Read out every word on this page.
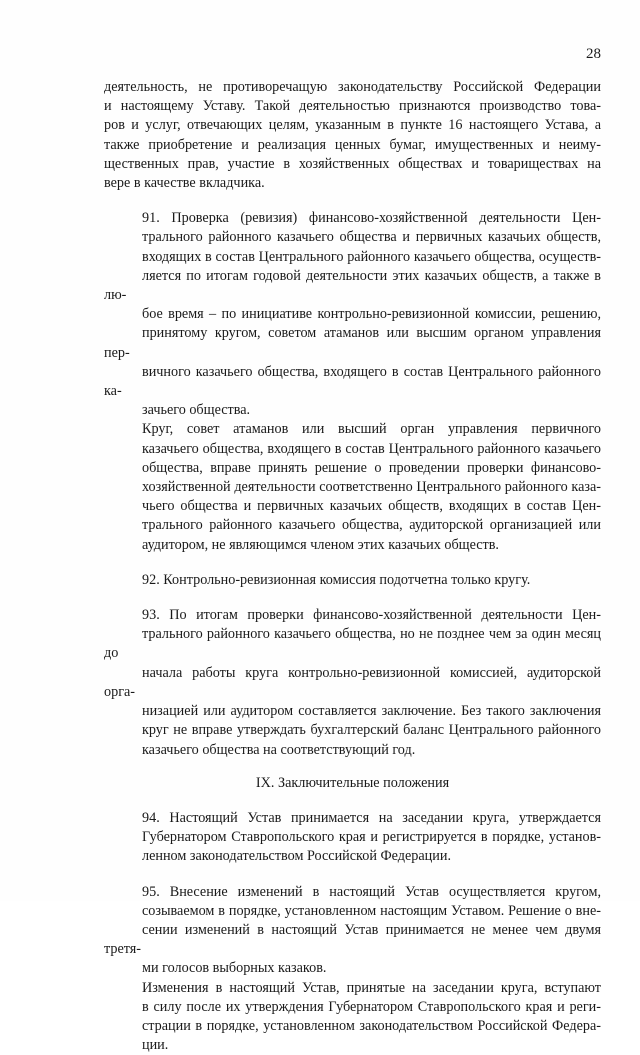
28

деятельность, не противоречащую законодательству Российской Федерации
и настоящему Уставу. Такой деятельностью признаются производство това-
ров и услуг, отвечающих целям, указанным в пункте 16 настоящего Устава, а
также приобретение и реализация ценных бумаг, имущественных и неиму-
щественных прав, участие в хозяйственных обществах и товариществах на
вере в качестве вкладчика.

91. Проверка (ревизия) финансово-хозяйственной деятельности Цен-
трального районного казачьего общества и первичных казачьих обществ,
входящих в состав Центрального районного казачьего общества, осуществ-
ляется по итогам годовой деятельности этих казачьих обществ, а также в лю-
бое время – по инициативе контрольно-ревизионной комиссии, решению,
принятому кругом, советом атаманов или высшим органом управления пер-
вичного казачьего общества, входящего в состав Центрального районного ка-
зачьего общества.

Круг, совет атаманов или высший орган управления первичного
казачьего общества, входящего в состав Центрального районного казачьего
общества, вправе принять решение о проведении проверки финансово-
хозяйственной деятельности соответственно Центрального районного каза-
чьего общества и первичных казачьих обществ, входящих в состав Цен-
трального районного казачьего общества, аудиторской организацией или
аудитором, не являющимся членом этих казачьих обществ.

92. Контрольно-ревизионная комиссия подотчетна только кругу.

93. По итогам проверки финансово-хозяйственной деятельности Цен-
трального районного казачьего общества, но не позднее чем за один месяц до
начала работы круга контрольно-ревизионной комиссией, аудиторской орга-
низацией или аудитором составляется заключение. Без такого заключения
круг не вправе утверждать бухгалтерский баланс Центрального районного
казачьего общества на соответствующий год.

IX. Заключительные положения

94. Настоящий Устав принимается на заседании круга, утверждается
Губернатором Ставропольского края и регистрируется в порядке, установ-
ленном законодательством Российской Федерации.

95. Внесение изменений в настоящий Устав осуществляется кругом,
созываемом в порядке, установленном настоящим Уставом. Решение о вне-
сении изменений в настоящий Устав принимается не менее чем двумя третя-
ми голосов выборных казаков.

Изменения в настоящий Устав, принятые на заседании круга, вступают
в силу после их утверждения Губернатором Ставропольского края и реги-
страции в порядке, установленном законодательством Российской Федера-
ции.
